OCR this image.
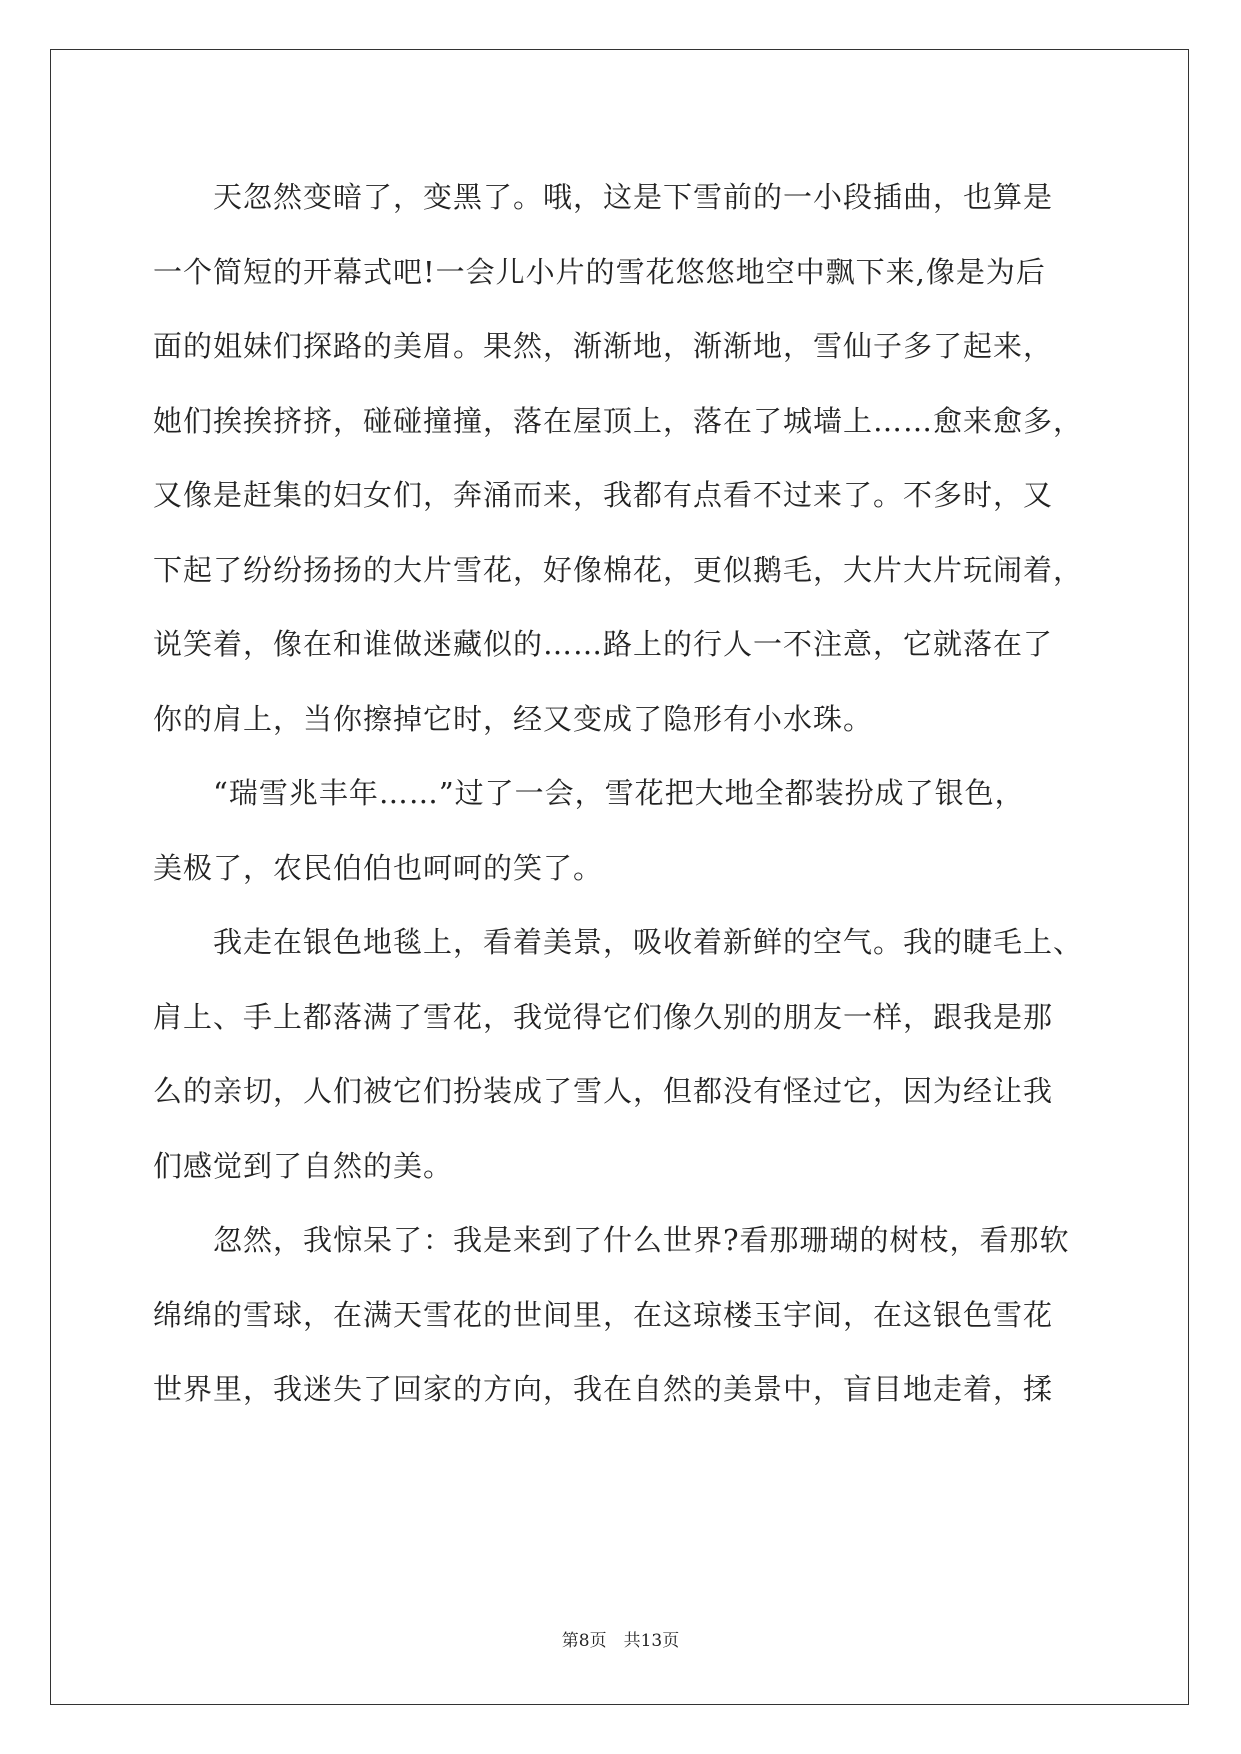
　　天忽然变暗了，变黑了。哦，这是下雪前的一小段插曲，也算是
一个简短的开幕式吧!一会儿小片的雪花悠悠地空中飘下来,像是为后
面的姐妹们探路的美眉。果然，渐渐地，渐渐地，雪仙子多了起来，
她们挨挨挤挤，碰碰撞撞，落在屋顶上，落在了城墙上……愈来愈多，
又像是赶集的妇女们，奔涌而来，我都有点看不过来了。不多时，又
下起了纷纷扬扬的大片雪花，好像棉花，更似鹅毛，大片大片玩闹着，
说笑着，像在和谁做迷藏似的……路上的行人一不注意，它就落在了
你的肩上，当你擦掉它时，经又变成了隐形有小水珠。
　　“瑞雪兆丰年……”过了一会，雪花把大地全都装扮成了银色，
美极了，农民伯伯也呵呵的笑了。
　　我走在银色地毯上，看着美景，吸收着新鲜的空气。我的睫毛上、
肩上、手上都落满了雪花，我觉得它们像久别的朋友一样，跟我是那
么的亲切，人们被它们扮装成了雪人，但都没有怪过它，因为经让我
们感觉到了自然的美。
　　忽然，我惊呆了：我是来到了什么世界?看那珊瑚的树枝，看那软
绵绵的雪球，在满天雪花的世间里，在这琼楼玉宇间，在这银色雪花
世界里，我迷失了回家的方向，我在自然的美景中，盲目地走着，揉
第8页　共13页
